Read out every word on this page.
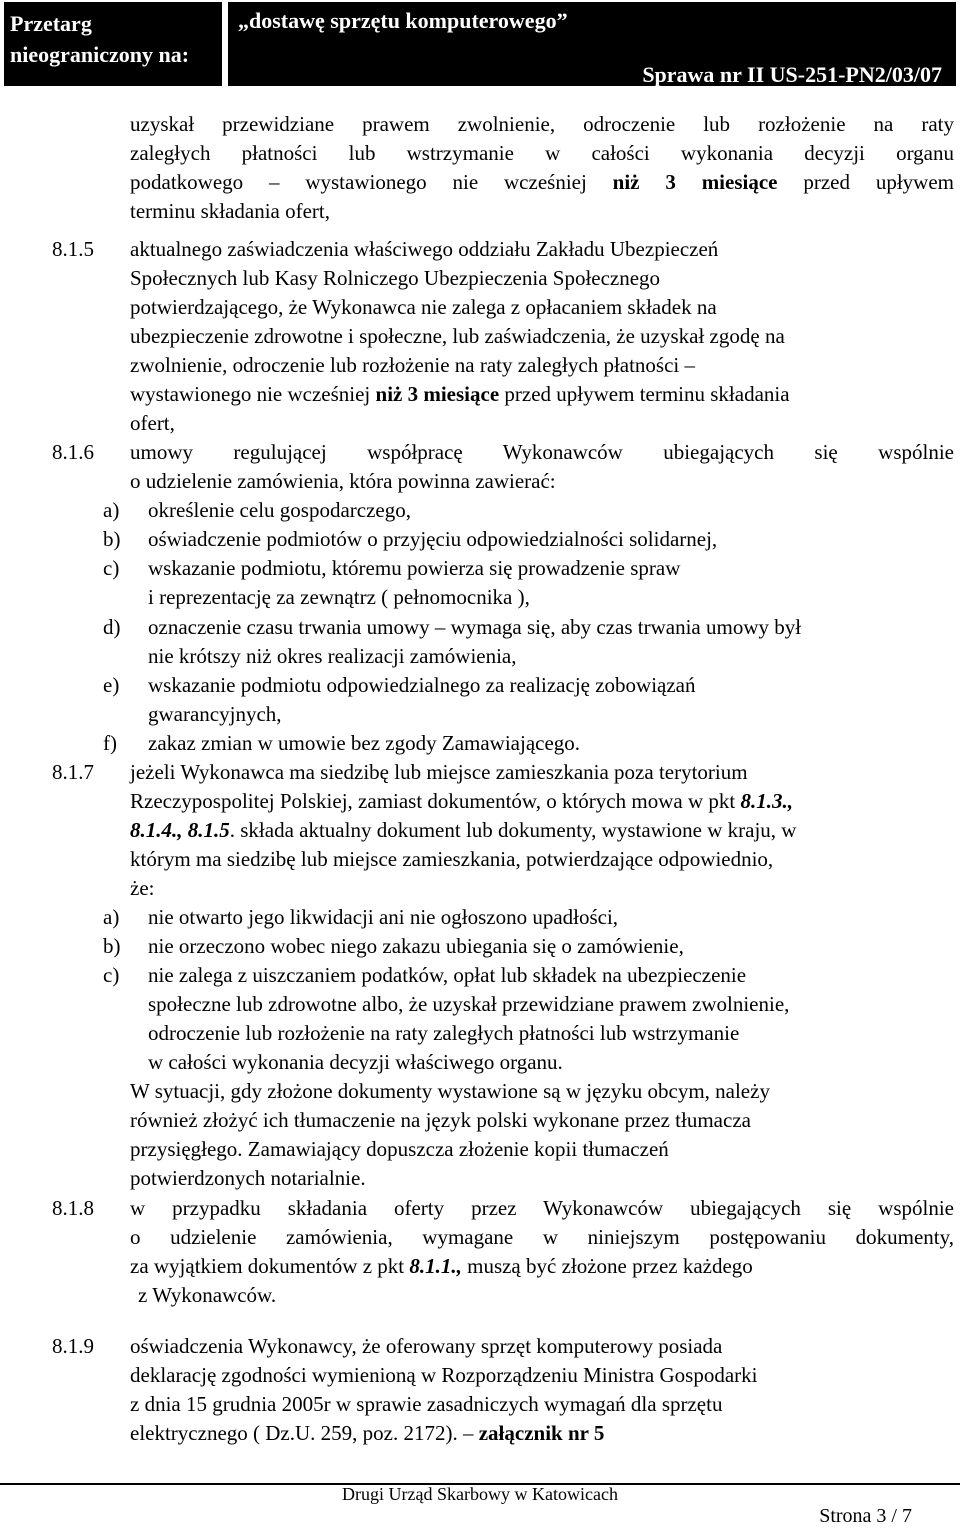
Przetarg
nieograniczony na:
„dostawę sprzętu komputerowego”
Sprawa nr II US-251-PN2/03/07
uzyskał przewidziane prawem zwolnienie, odroczenie lub rozłożenie na raty
zaległych płatności lub wstrzymanie w całości wykonania decyzji organu
podatkowego – wystawionego nie wcześniej niż 3 miesiące przed upływem
terminu składania ofert,
8.1.5 aktualnego zaświadczenia właściwego oddziału Zakładu Ubezpieczeń
Społecznych lub Kasy Rolniczego Ubezpieczenia Społecznego
potwierdzającego, że Wykonawca nie zalega z opłacaniem składek na
ubezpieczenie zdrowotne i społeczne, lub zaświadczenia, że uzyskał zgodę na
zwolnienie, odroczenie lub rozłożenie na raty zaległych płatności –
wystawionego nie wcześniej niż 3 miesiące przed upływem terminu składania
ofert,
8.1.6 umowy regulującej współpracę Wykonawców ubiegających się wspólnie
o udzielenie zamówienia, która powinna zawierać:
a) określenie celu gospodarczego,
b) oświadczenie podmiotów o przyjęciu odpowiedzialności solidarnej,
c) wskazanie podmiotu, któremu powierza się prowadzenie spraw
i reprezentację za zewnątrz ( pełnomocnika ),
d) oznaczenie czasu trwania umowy – wymaga się, aby czas trwania umowy był
nie krótszy niż okres realizacji zamówienia,
e) wskazanie podmiotu odpowiedzialnego za realizację zobowiązań
gwarancyjnych,
f) zakaz zmian w umowie bez zgody Zamawiającego.
8.1.7 jeżeli Wykonawca ma siedzibę lub miejsce zamieszkania poza terytorium
Rzeczypospolitej Polskiej, zamiast dokumentów, o których mowa w pkt 8.1.3.,
8.1.4., 8.1.5. składa aktualny dokument lub dokumenty, wystawione w kraju, w
którym ma siedzibę lub miejsce zamieszkania, potwierdzające odpowiednio,
że:
a) nie otwarto jego likwidacji ani nie ogłoszono upadłości,
b) nie orzeczono wobec niego zakazu ubiegania się o zamówienie,
c) nie zalega z uiszczaniem podatków, opłat lub składek na ubezpieczenie
społeczne lub zdrowotne albo, że uzyskał przewidziane prawem zwolnienie,
odroczenie lub rozłożenie na raty zaległych płatności lub wstrzymanie
w całości wykonania decyzji właściwego organu.
W sytuacji, gdy złożone dokumenty wystawione są w języku obcym, należy
również złożyć ich tłumaczenie na język polski wykonane przez tłumacza
przysięgłego. Zamawiający dopuszcza złożenie kopii tłumaczeń
potwierdzonych notarialnie.
8.1.8 w przypadku składania oferty przez Wykonawców ubiegających się wspólnie
o udzielenie zamówienia, wymagane w niniejszym postępowaniu dokumenty,
za wyjątkiem dokumentów z pkt 8.1.1., muszą być złożone przez każdego
z Wykonawców.
8.1.9 oświadczenia Wykonawcy, że oferowany sprzęt komputerowy posiada
deklarację zgodności wymienioną w Rozporządzeniu Ministra Gospodarki
z dnia 15 grudnia 2005r w sprawie zasadniczych wymagań dla sprzętu
elektrycznego ( Dz.U. 259, poz. 2172). – załącznik nr 5
Drugi Urząd Skarbowy w Katowicach
Strona 3 / 7
